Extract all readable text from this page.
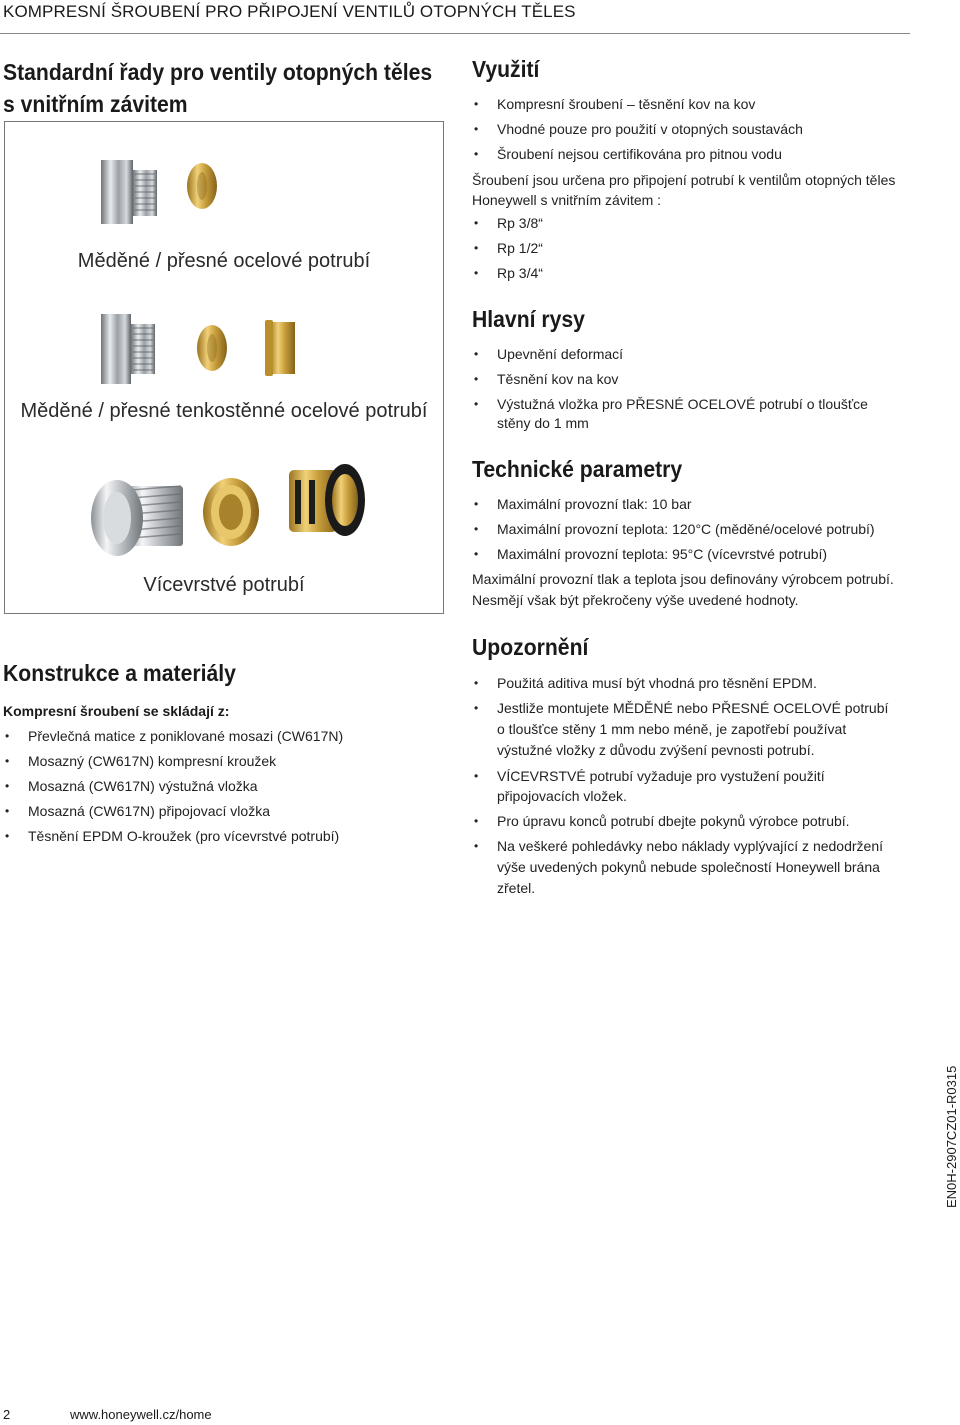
KOMPRESNÍ ŠROUBENÍ PRO PŘIPOJENÍ VENTILŮ OTOPNÝCH TĚLES
Standardní řady pro ventily otopných těles
s vnitřním závitem
Měděné / přesné ocelové potrubí
Měděné / přesné tenkostěnné ocelové potrubí
Vícevrstvé potrubí
Konstrukce a materiály
Kompresní šroubení se skládají z:
• Převlečná matice z poniklované mosazi (CW617N)
• Mosazný (CW617N) kompresní kroužek
• Mosazná (CW617N) výstužná vložka
• Mosazná (CW617N) připojovací vložka
• Těsnění EPDM O-kroužek (pro vícevrstvé potrubí)
Využití
• Kompresní šroubení – těsnění kov na kov
• Vhodné pouze pro použití v otopných soustavách
• Šroubení nejsou certifikována pro pitnou vodu
Šroubení jsou určena pro připojení potrubí k ventilům otopných těles
Honeywell s vnitřním závitem :
• Rp 3/8“
• Rp 1/2“
• Rp 3/4“
Hlavní rysy
• Upevnění deformací
• Těsnění kov na kov
• Výstužná vložka pro PŘESNÉ OCELOVÉ potrubí o tloušťce stěny do 1 mm
Technické parametry
• Maximální provozní tlak: 10 bar
• Maximální provozní teplota: 120°C (měděné/ocelové potrubí)
• Maximální provozní teplota: 95°C (vícevrstvé potrubí)
Maximální provozní tlak a teplota jsou definovány výrobcem potrubí.
Nesmějí však být překročeny výše uvedené hodnoty.
Upozornění
• Použitá aditiva musí být vhodná pro těsnění EPDM.
• Jestliže montujete MĚDĚNÉ nebo PŘESNÉ OCELOVÉ potrubí o tloušťce stěny 1 mm nebo méně, je zapotřebí používat výstužné vložky z důvodu zvýšení pevnosti potrubí.
• VÍCEVRSTVÉ potrubí vyžaduje pro vystužení použití připojovacích vložek.
• Pro úpravu konců potrubí dbejte pokynů výrobce potrubí.
• Na veškeré pohledávky nebo náklady vyplývající z nedodržení výše uvedených pokynů nebude společností Honeywell brána zřetel.
EN0H-2907CZ01-R0315
2	www.honeywell.cz/home
